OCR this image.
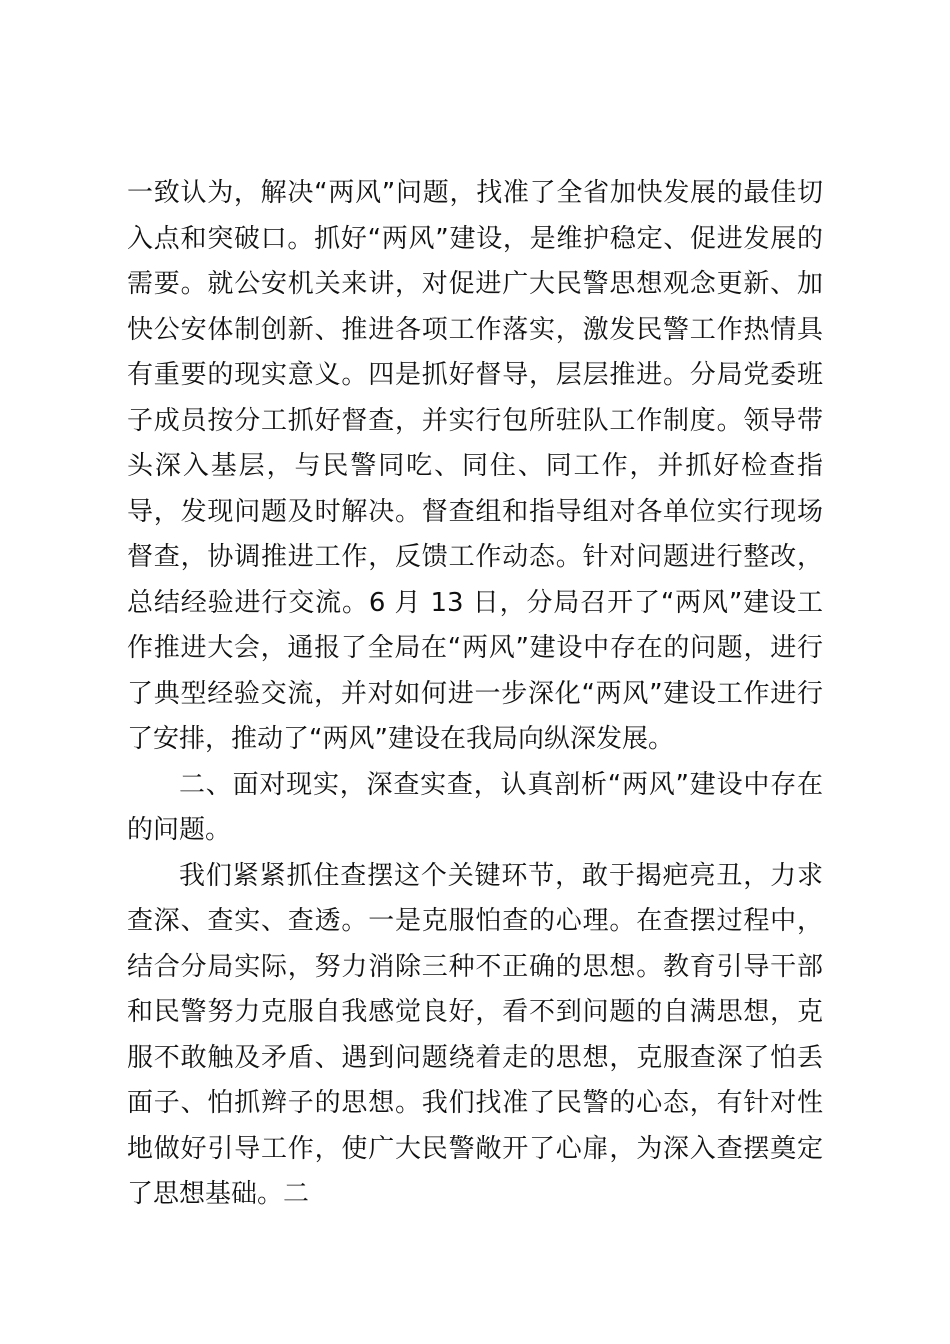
一致认为，解决“两风”问题，找准了全省加快发展的最佳切入点和突破口。抓好“两风”建设，是维护稳定、促进发展的需要。就公安机关来讲，对促进广大民警思想观念更新、加快公安体制创新、推进各项工作落实，激发民警工作热情具有重要的现实意义。四是抓好督导，层层推进。分局党委班子成员按分工抓好督查，并实行包所驻队工作制度。领导带头深入基层，与民警同吃、同住、同工作，并抓好检查指导，发现问题及时解决。督查组和指导组对各单位实行现场督查，协调推进工作，反馈工作动态。针对问题进行整改，总结经验进行交流。6 月 13 日，分局召开了“两风”建设工作推进大会，通报了全局在“两风”建设中存在的问题，进行了典型经验交流，并对如何进一步深化“两风”建设工作进行了安排，推动了“两风”建设在我局向纵深发展。

二、面对现实，深查实查，认真剖析“两风”建设中存在的问题。

我们紧紧抓住查摆这个关键环节，敢于揭疤亮丑，力求查深、查实、查透。一是克服怕查的心理。在查摆过程中，结合分局实际，努力消除三种不正确的思想。教育引导干部和民警努力克服自我感觉良好，看不到问题的自满思想，克服不敢触及矛盾、遇到问题绕着走的思想，克服查深了怕丢面子、怕抓辫子的思想。我们找准了民警的心态，有针对性地做好引导工作，使广大民警敞开了心扉，为深入查摆奠定了思想基础。二
